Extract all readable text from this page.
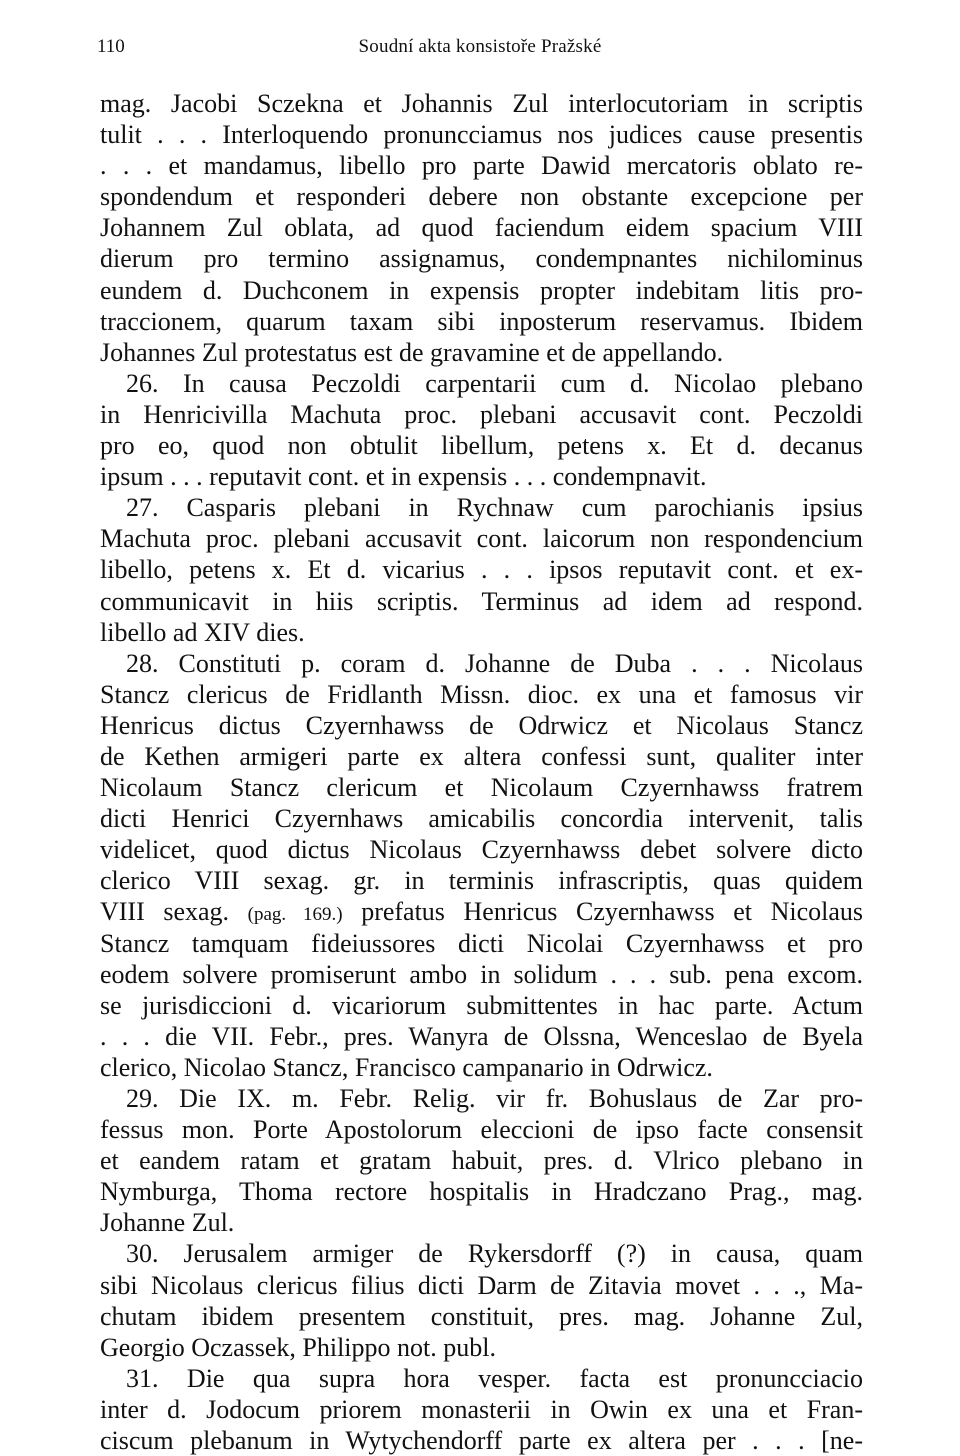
110	Soudní akta konsistoře Pražské
mag. Jacobi Sczekna et Johannis Zul interlocutoriam in scriptis
tulit . . . Interloquendo pronuncciamus nos judices cause presentis
. . . et mandamus, libello pro parte Dawid mercatoris oblato re-
spondendum et responderi debere non obstante excepcione per
Johannem Zul oblata, ad quod faciendum eidem spacium VIII
dierum pro termino assignamus, condempnantes nichilominus
eundem d. Duchconem in expensis propter indebitam litis pro-
traccionem, quarum taxam sibi inposterum reservamus. Ibidem
Johannes Zul protestatus est de gravamine et de appellando.
26. In causa Peczoldi carpentarii cum d. Nicolao plebano
in Henricivilla Machuta proc. plebani accusavit cont. Peczoldi
pro eo, quod non obtulit libellum, petens x. Et d. decanus
ipsum . . . reputavit cont. et in expensis . . . condempnavit.
27. Casparis plebani in Rychnaw cum parochianis ipsius
Machuta proc. plebani accusavit cont. laicorum non respondencium
libello, petens x. Et d. vicarius . . . ipsos reputavit cont. et ex-
communicavit in hiis scriptis. Terminus ad idem ad respond.
libello ad XIV dies.
28. Constituti p. coram d. Johanne de Duba . . . Nicolaus
Stancz clericus de Fridlanth Missn. dioc. ex una et famosus vir
Henricus dictus Czyernhawss de Odrwicz et Nicolaus Stancz
de Kethen armigeri parte ex altera confessi sunt, qualiter inter
Nicolaum Stancz clericum et Nicolaum Czyernhawss fratrem
dicti Henrici Czyernhaws amicabilis concordia intervenit, talis
videlicet, quod dictus Nicolaus Czyernhawss debet solvere dicto
clerico VIII sexag. gr. in terminis infrascriptis, quas quidem
VIII sexag. (pag. 169.) prefatus Henricus Czyernhawss et Nicolaus
Stancz tamquam fideiussores dicti Nicolai Czyernhawss et pro
eodem solvere promiserunt ambo in solidum . . . sub. pena excom.
se jurisdiccioni d. vicariorum submittentes in hac parte. Actum
. . . die VII. Febr., pres. Wanyra de Olssna, Wenceslao de Byela
clerico, Nicolao Stancz, Francisco campanario in Odrwicz.
29. Die IX. m. Febr. Relig. vir fr. Bohuslaus de Zar pro-
fessus mon. Porte Apostolorum eleccioni de ipso facte consensit
et eandem ratam et gratam habuit, pres. d. Vlrico plebano in
Nymburga, Thoma rectore hospitalis in Hradczano Prag., mag.
Johanne Zul.
30. Jerusalem armiger de Rykersdorff (?) in causa, quam
sibi Nicolaus clericus filius dicti Darm de Zitavia movet . . ., Ma-
chutam ibidem presentem constituit, pres. mag. Johanne Zul,
Georgio Oczassek, Philippo not. publ.
31. Die qua supra hora vesper. facta est pronuncciacio
inter d. Jodocum priorem monasterii in Owin ex una et Fran-
ciscum plebanum in Wytychendorff parte ex altera per . . . [ne-
